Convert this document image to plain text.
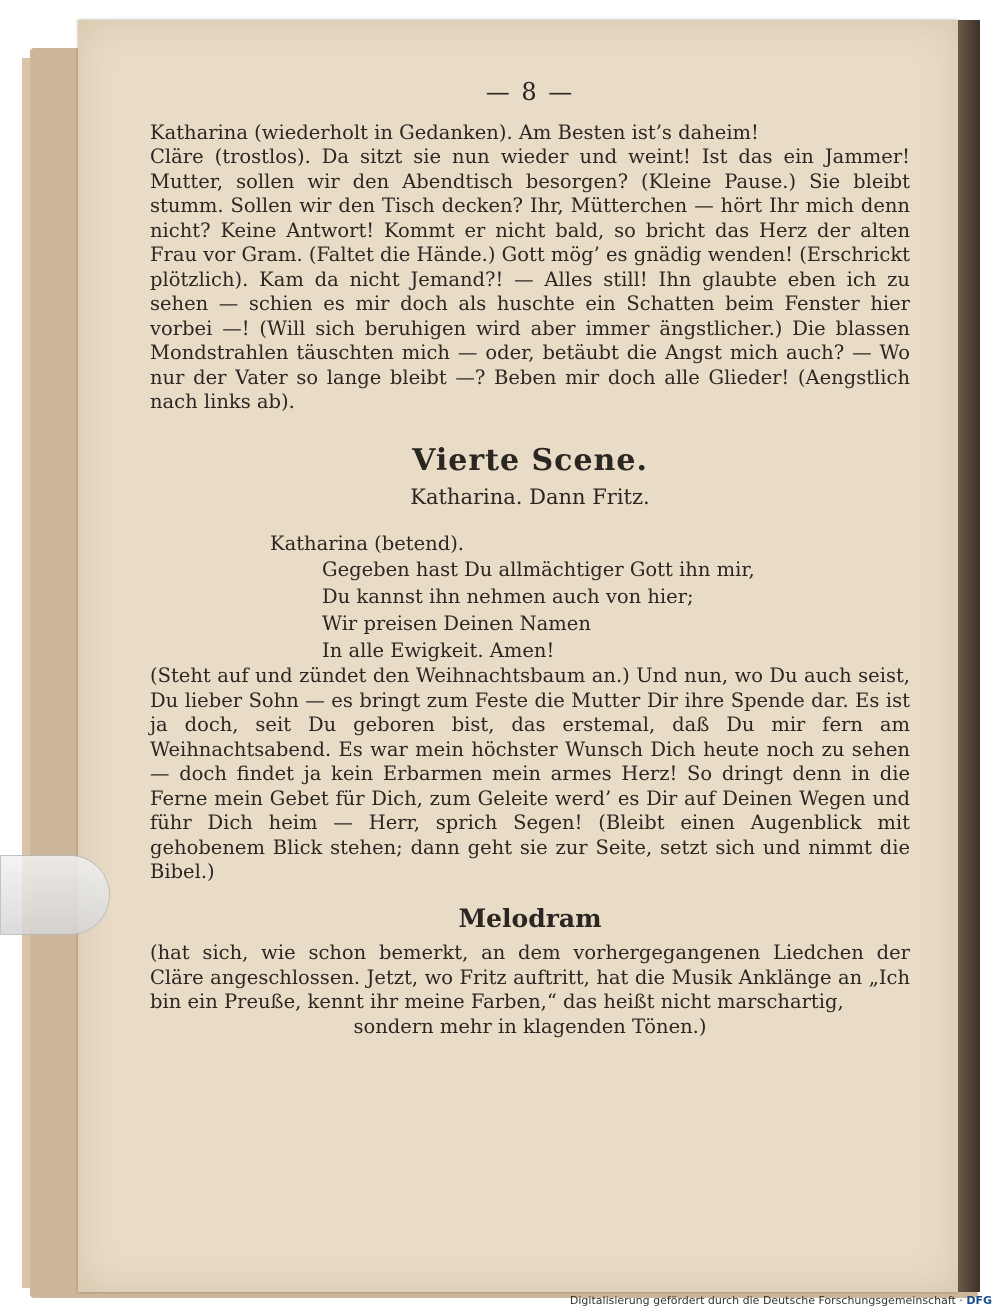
— 8 —

Katharina (wiederholt in Gedanken). Am Besten ist’s daheim!

Cläre (trostlos). Da sitzt sie nun wieder und weint! Ist das ein Jammer! Mutter, sollen wir den Abendtisch besorgen? (Kleine Pause.) Sie bleibt stumm. Sollen wir den Tisch decken? Ihr, Mütterchen — hört Ihr mich denn nicht? Keine Antwort! Kommt er nicht bald, so bricht das Herz der alten Frau vor Gram. (Faltet die Hände.) Gott mög’ es gnädig wenden! (Erschrickt plötzlich). Kam da nicht Jemand?! — Alles still! Ihn glaubte eben ich zu sehen — schien es mir doch als huschte ein Schatten beim Fenster hier vorbei —! (Will sich beruhigen wird aber immer ängstlicher.) Die blassen Mondstrahlen täuschten mich — oder, betäubt die Angst mich auch? — Wo nur der Vater so lange bleibt —? Beben mir doch alle Glieder! (Aengstlich nach links ab).

Vierte Scene.
Katharina. Dann Fritz.
Katharina (betend).
Gegeben hast Du allmächtiger Gott ihn mir,
Du kannst ihn nehmen auch von hier;
Wir preisen Deinen Namen
In alle Ewigkeit. Amen!

(Steht auf und zündet den Weihnachtsbaum an.) Und nun, wo Du auch seist, Du lieber Sohn — es bringt zum Feste die Mutter Dir ihre Spende dar. Es ist ja doch, seit Du geboren bist, das erstemal, daß Du mir fern am Weihnachtsabend. Es war mein höchster Wunsch Dich heute noch zu sehen — doch findet ja kein Erbarmen mein armes Herz! So dringt denn in die Ferne mein Gebet für Dich, zum Geleite werd’ es Dir auf Deinen Wegen und führ Dich heim — Herr, sprich Segen! (Bleibt einen Augenblick mit gehobenem Blick stehen; dann geht sie zur Seite, setzt sich und nimmt die Bibel.)

Melodram

(hat sich, wie schon bemerkt, an dem vorhergegangenen Liedchen der Cläre angeschlossen. Jetzt, wo Fritz auftritt, hat die Musik Anklänge an „Ich bin ein Preuße, kennt ihr meine Farben,“ das heißt nicht marschartig,

sondern mehr in klagenden Tönen.)
Digitalisierung gefördert durch die Deutsche Forschungsgemeinschaft · DFG
